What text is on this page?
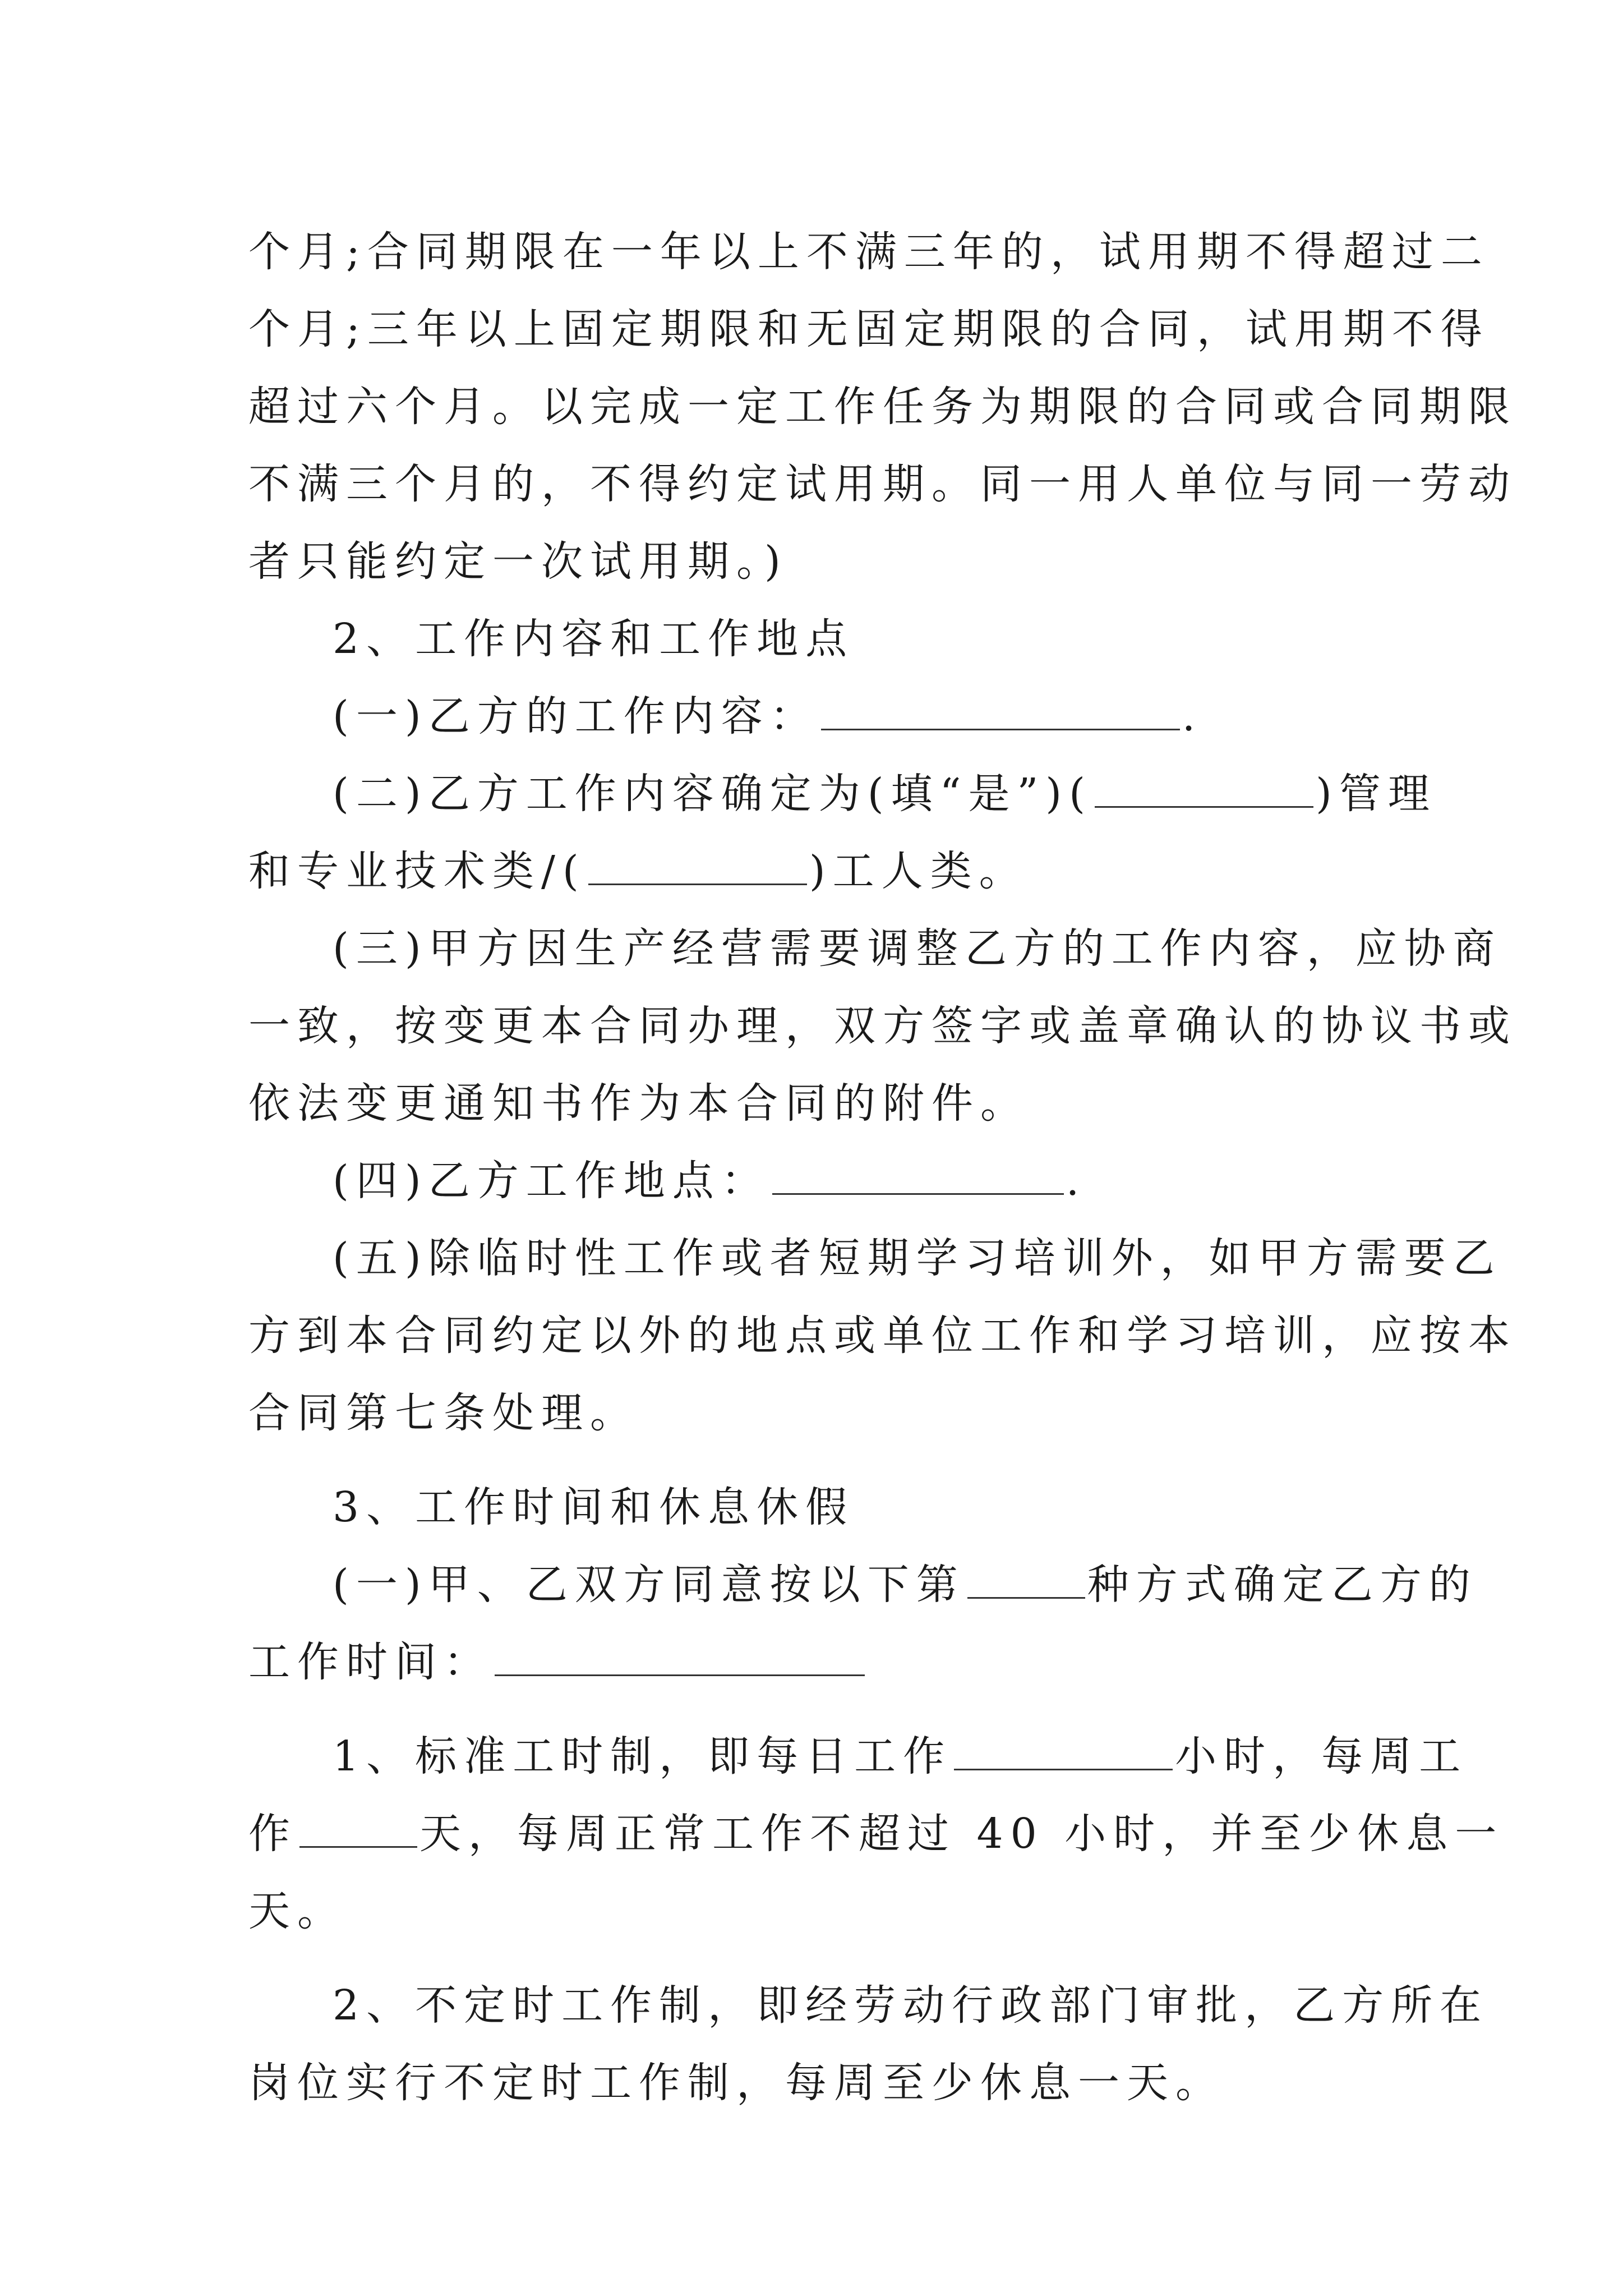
个月;合同期限在一年以上不满三年的，试用期不得超过二
个月;三年以上固定期限和无固定期限的合同，试用期不得
超过六个月。以完成一定工作任务为期限的合同或合同期限
不满三个月的，不得约定试用期。同一用人单位与同一劳动
者只能约定一次试用期。)
2、工作内容和工作地点
(一)乙方的工作内容：	.
(二)乙方工作内容确定为(填“是”)(	)管理
和专业技术类/(	)工人类。
(三)甲方因生产经营需要调整乙方的工作内容，应协商
一致，按变更本合同办理，双方签字或盖章确认的协议书或
依法变更通知书作为本合同的附件。
(四)乙方工作地点：	.
(五)除临时性工作或者短期学习培训外，如甲方需要乙
方到本合同约定以外的地点或单位工作和学习培训，应按本
合同第七条处理。
3、工作时间和休息休假
(一)甲、乙双方同意按以下第	种方式确定乙方的
工作时间：
1、标准工时制，即每日工作	小时，每周工
作	天，每周正常工作不超过 40 小时，并至少休息一
天。
2、不定时工作制，即经劳动行政部门审批，乙方所在
岗位实行不定时工作制，每周至少休息一天。
